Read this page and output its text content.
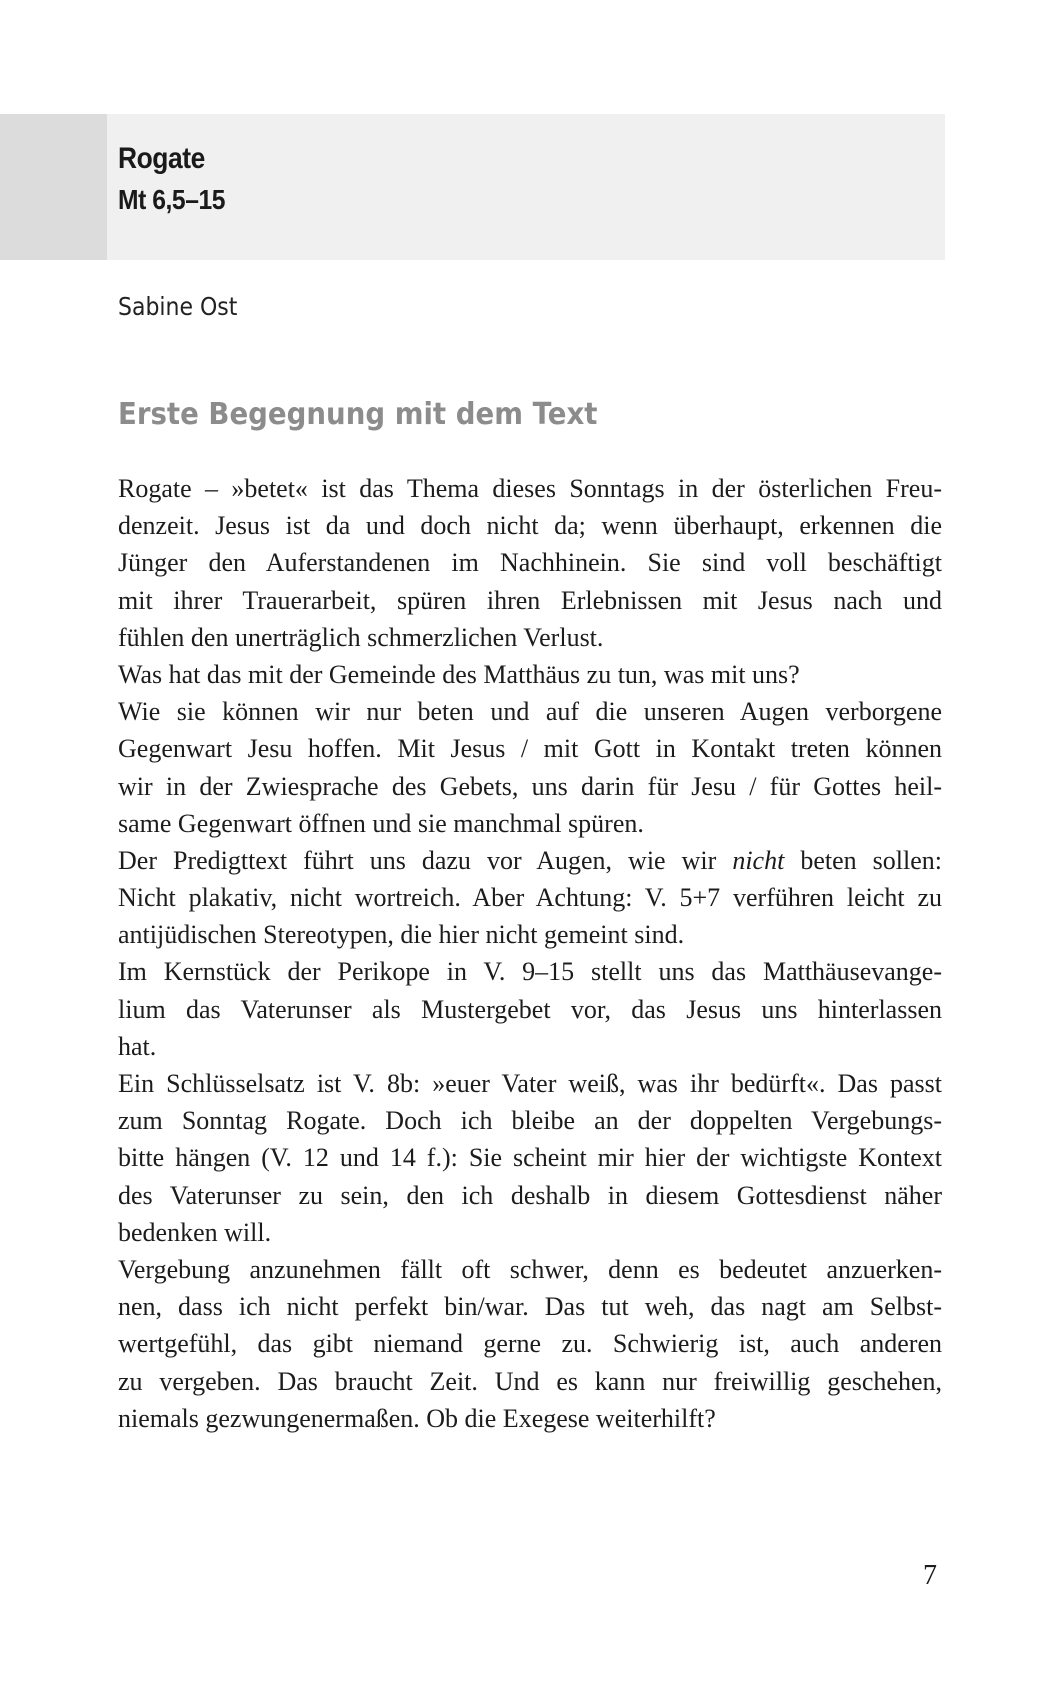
Rogate
Mt 6,5–15
Sabine Ost
Erste Begegnung mit dem Text
Rogate – »betet« ist das Thema dieses Sonntags in der österlichen Freu-
denzeit. Jesus ist da und doch nicht da; wenn überhaupt, erkennen die
Jünger den Auferstandenen im Nachhinein. Sie sind voll beschäftigt
mit ihrer Trauerarbeit, spüren ihren Erlebnissen mit Jesus nach und
fühlen den unerträglich schmerzlichen Verlust.
Was hat das mit der Gemeinde des Matthäus zu tun, was mit uns?
Wie sie können wir nur beten und auf die unseren Augen verborgene
Gegenwart Jesu hoffen. Mit Jesus / mit Gott in Kontakt treten können
wir in der Zwiesprache des Gebets, uns darin für Jesu / für Gottes heil-
same Gegenwart öffnen und sie manchmal spüren.
Der Predigttext führt uns dazu vor Augen, wie wir nicht beten sollen:
Nicht plakativ, nicht wortreich. Aber Achtung: V. 5+7 verführen leicht zu
antijüdischen Stereotypen, die hier nicht gemeint sind.
Im Kernstück der Perikope in V. 9–15 stellt uns das Matthäusevange-
lium das Vaterunser als Mustergebet vor, das Jesus uns hinterlassen
hat.
Ein Schlüsselsatz ist V. 8b: »euer Vater weiß, was ihr bedürft«. Das passt
zum Sonntag Rogate. Doch ich bleibe an der doppelten Vergebungs-
bitte hängen (V. 12 und 14 f.): Sie scheint mir hier der wichtigste Kontext
des Vaterunser zu sein, den ich deshalb in diesem Gottesdienst näher
bedenken will.
Vergebung anzunehmen fällt oft schwer, denn es bedeutet anzuerken-
nen, dass ich nicht perfekt bin/war. Das tut weh, das nagt am Selbst-
wertgefühl, das gibt niemand gerne zu. Schwierig ist, auch anderen
zu vergeben. Das braucht Zeit. Und es kann nur freiwillig geschehen,
niemals gezwungenermaßen. Ob die Exegese weiterhilft?
7
